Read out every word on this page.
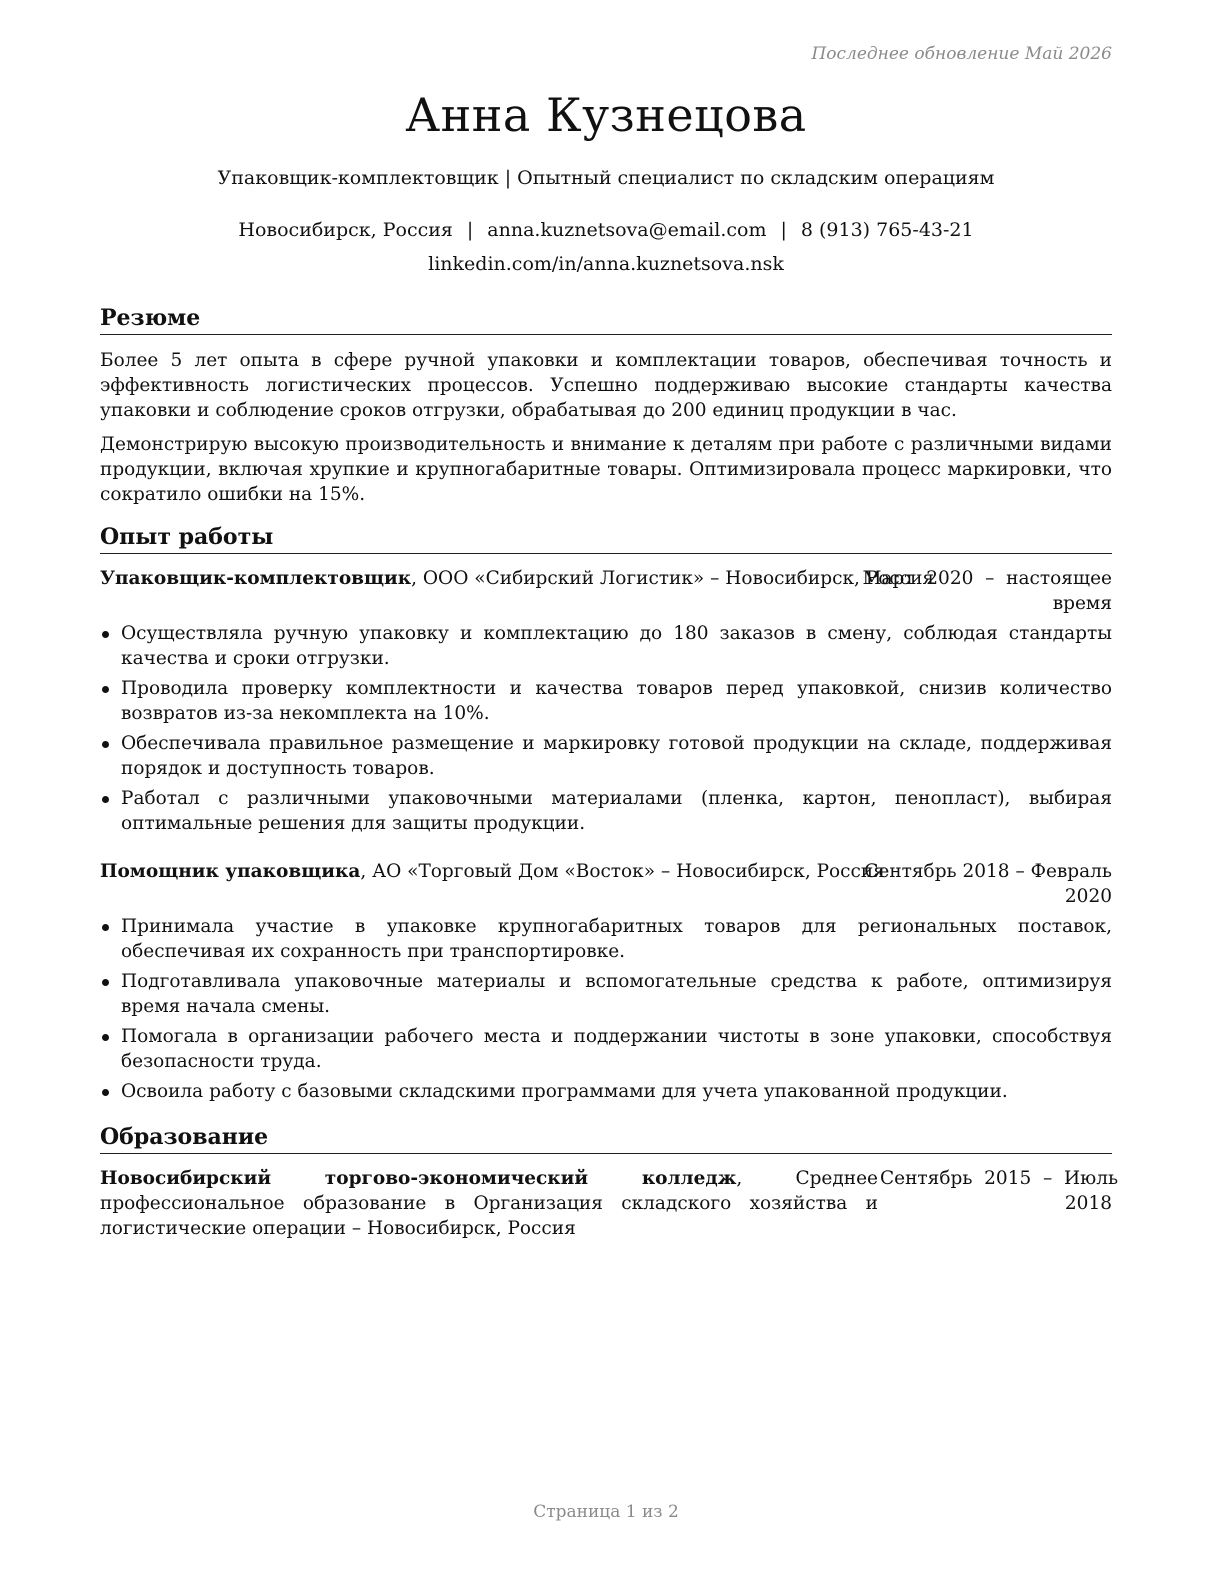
Последнее обновление Май 2026
Анна Кузнецова
Упаковщик-комплектовщик | Опытный специалист по складским операциям
Новосибирск, Россия | anna.kuznetsova@email.com | 8 (913) 765-43-21
linkedin.com/in/anna.kuznetsova.nsk
Резюме
Более 5 лет опыта в сфере ручной упаковки и комплектации товаров, обеспечивая точность и эффективность логистических процессов. Успешно поддерживаю высокие стандарты качества упаковки и соблюдение сроков отгрузки, обрабатывая до 200 единиц продукции в час.
Демонстрирую высокую производительность и внимание к деталям при работе с различными видами продукции, включая хрупкие и крупногабаритные товары. Оптимизировала процесс маркировки, что сократило ошибки на 15%.
Опыт работы
Упаковщик-комплектовщик, ООО «Сибирский Логистик» – Новосибирск, Россия
Март  2020  –  настоящее
время
Осуществляла ручную упаковку и комплектацию до 180 заказов в смену, соблюдая стандарты качества и сроки отгрузки.
Проводила проверку комплектности и качества товаров перед упаковкой, снизив количество возвратов из-за некомплекта на 10%.
Обеспечивала правильное размещение и маркировку готовой продукции на складе, поддерживая порядок и доступность товаров.
Работал с различными упаковочными материалами (пленка, картон, пенопласт), выбирая оптимальные решения для защиты продукции.
Помощник упаковщика, АО «Торговый Дом «Восток» – Новосибирск, Россия
Сентябрь 2018 – Февраль
2020
Принимала участие в упаковке крупногабаритных товаров для региональных поставок, обеспечивая их сохранность при транспортировке.
Подготавливала упаковочные материалы и вспомогательные средства к работе, оптимизируя время начала смены.
Помогала в организации рабочего места и поддержании чистоты в зоне упаковки, способствуя безопасности труда.
Освоила работу с базовыми складскими программами для учета упакованной продукции.
Образование
Новосибирский торгово-экономический колледж, Среднее профессиональное образование в Организация складского хозяйства и логистические операции – Новосибирск, Россия
Сентябрь  2015  –  Июль
2018
Страница 1 из 2
